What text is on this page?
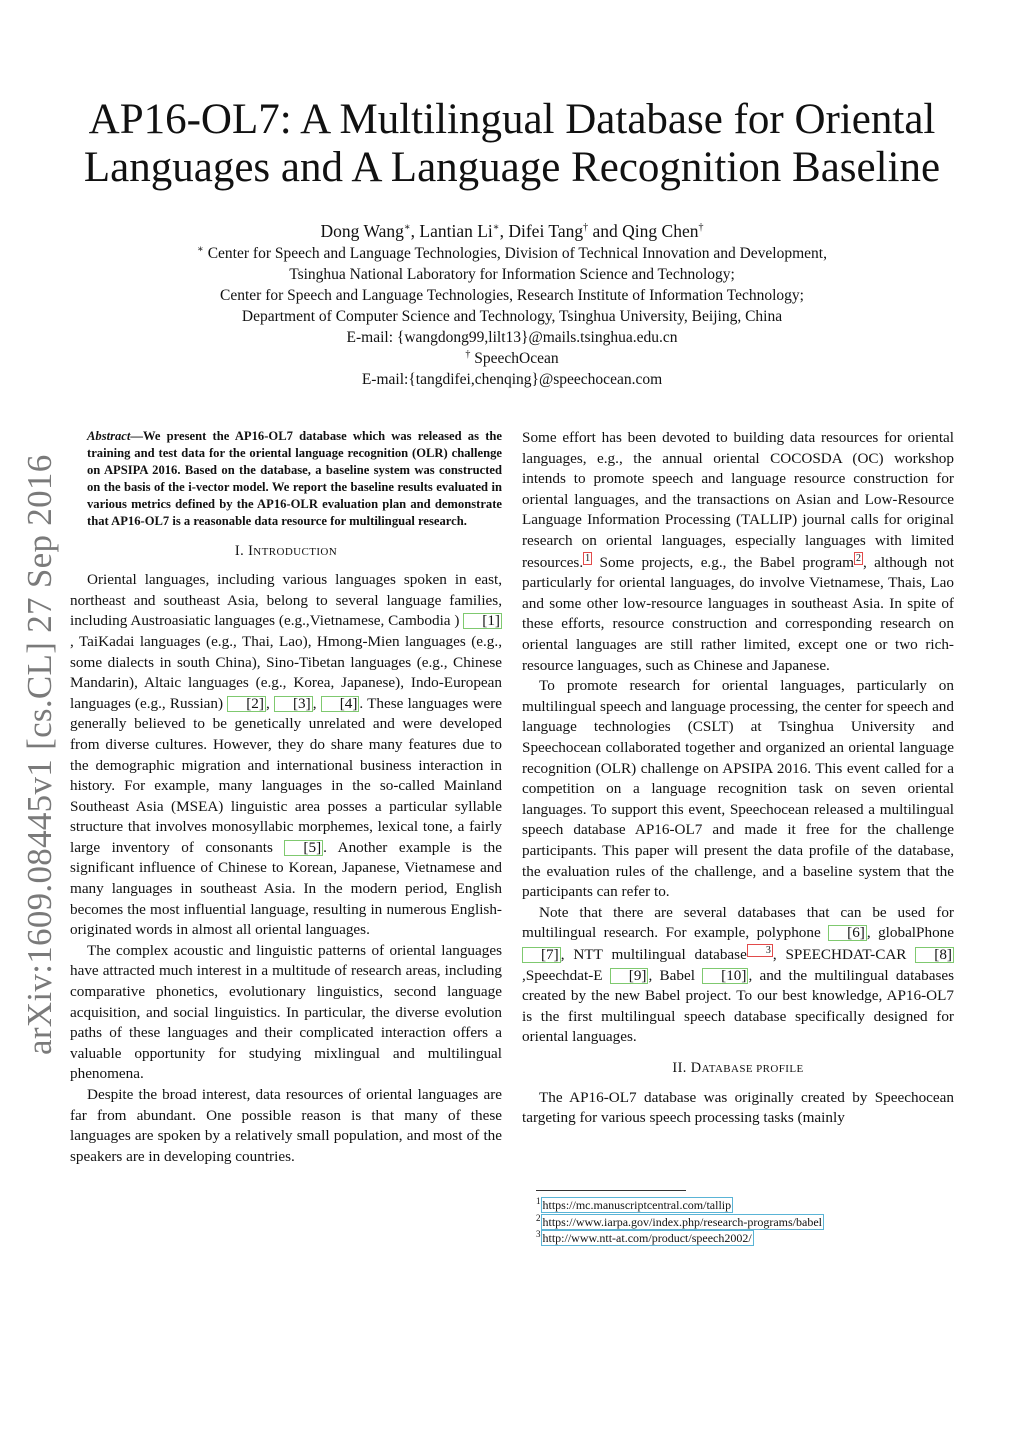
arXiv:1609.08445v1 [cs.CL] 27 Sep 2016
AP16-OL7: A Multilingual Database for Oriental
Languages and A Language Recognition Baseline
Dong Wang∗, Lantian Li∗, Difei Tang† and Qing Chen†
∗ Center for Speech and Language Technologies, Division of Technical Innovation and Development,
Tsinghua National Laboratory for Information Science and Technology;
Center for Speech and Language Technologies, Research Institute of Information Technology;
Department of Computer Science and Technology, Tsinghua University, Beijing, China
E-mail: {wangdong99,lilt13}@mails.tsinghua.edu.cn
† SpeechOcean
E-mail:{tangdifei,chenqing}@speechocean.com
Abstract—We present the AP16-OL7 database which was released as the training and test data for the oriental language recognition (OLR) challenge on APSIPA 2016. Based on the database, a baseline system was constructed on the basis of the i-vector model. We report the baseline results evaluated in various metrics defined by the AP16-OLR evaluation plan and demonstrate that AP16-OL7 is a reasonable data resource for multilingual research.
I. INTRODUCTION

Oriental languages, including various languages spoken in east, northeast and southeast Asia, belong to several language families, including Austroasiatic languages (e.g.,Vietnamese, Cambodia ) [1], TaiKadai languages (e.g., Thai, Lao), Hmong-Mien languages (e.g., some dialects in south China), Sino-Tibetan languages (e.g., Chinese Mandarin), Altaic languages (e.g., Korea, Japanese), Indo-European languages (e.g., Russian) [2] , [3] , [4] . These languages were generally believed to be genetically unrelated and were developed from diverse cultures. However, they do share many features due to the demographic migration and international business interaction in history. For example, many languages in the so-called Mainland Southeast Asia (MSEA) linguistic area posses a particular syllable structure that involves monosyllabic morphemes, lexical tone, a fairly large inventory of consonants [5] . Another example is the significant influence of Chinese to Korean, Japanese, Vietnamese and many languages in southeast Asia. In the modern period, English becomes the most influential language, resulting in numerous English-originated words in almost all oriental languages.

The complex acoustic and linguistic patterns of oriental languages have attracted much interest in a multitude of research areas, including comparative phonetics, evolutionary linguistics, second language acquisition, and social linguistics. In particular, the diverse evolution paths of these languages and their complicated interaction offers a valuable opportunity for studying mixlingual and multilingual phenomena.

Despite the broad interest, data resources of oriental languages are far from abundant. One possible reason is that many of these languages are spoken by a relatively small population, and most of the speakers are in developing countries.

Some effort has been devoted to building data resources for oriental languages, e.g., the annual oriental COCOSDA (OC) workshop intends to promote speech and language resource construction for oriental languages, and the transactions on Asian and Low-Resource Language Information Processing (TALLIP) journal calls for original research on oriental languages, especially languages with limited resources. 1 Some projects, e.g., the Babel program 2 , although not particularly for oriental languages, do involve Vietnamese, Thais, Lao and some other low-resource languages in southeast Asia. In spite of these efforts, resource construction and corresponding research on oriental languages are still rather limited, except one or two rich-resource languages, such as Chinese and Japanese.

To promote research for oriental languages, particularly on multilingual speech and language processing, the center for speech and language technologies (CSLT) at Tsinghua University and Speechocean collaborated together and organized an oriental language recognition (OLR) challenge on APSIPA 2016. This event called for a competition on a language recognition task on seven oriental languages. To support this event, Speechocean released a multilingual speech database AP16-OL7 and made it free for the challenge participants. This paper will present the data profile of the database, the evaluation rules of the challenge, and a baseline system that the participants can refer to.

Note that there are several databases that can be used for multilingual research. For example, polyphone [6] , globalPhone [7] , NTT multilingual database 3 , SPEECHDAT-CAR [8],Speechdat-E [9] , Babel [10] , and the multilingual databases created by the new Babel project. To our best knowledge, AP16-OL7 is the first multilingual speech database specifically designed for oriental languages.

II. DATABASE PROFILE

The AP16-OL7 database was originally created by Speechocean targeting for various speech processing tasks (mainly

$^1$ https://mc.manuscriptcentral.com/tallip
$^2$ https://www.iarpa.gov/index.php/research-programs/babel
$^3$ http://www.ntt-at.com/product/speech2002/
